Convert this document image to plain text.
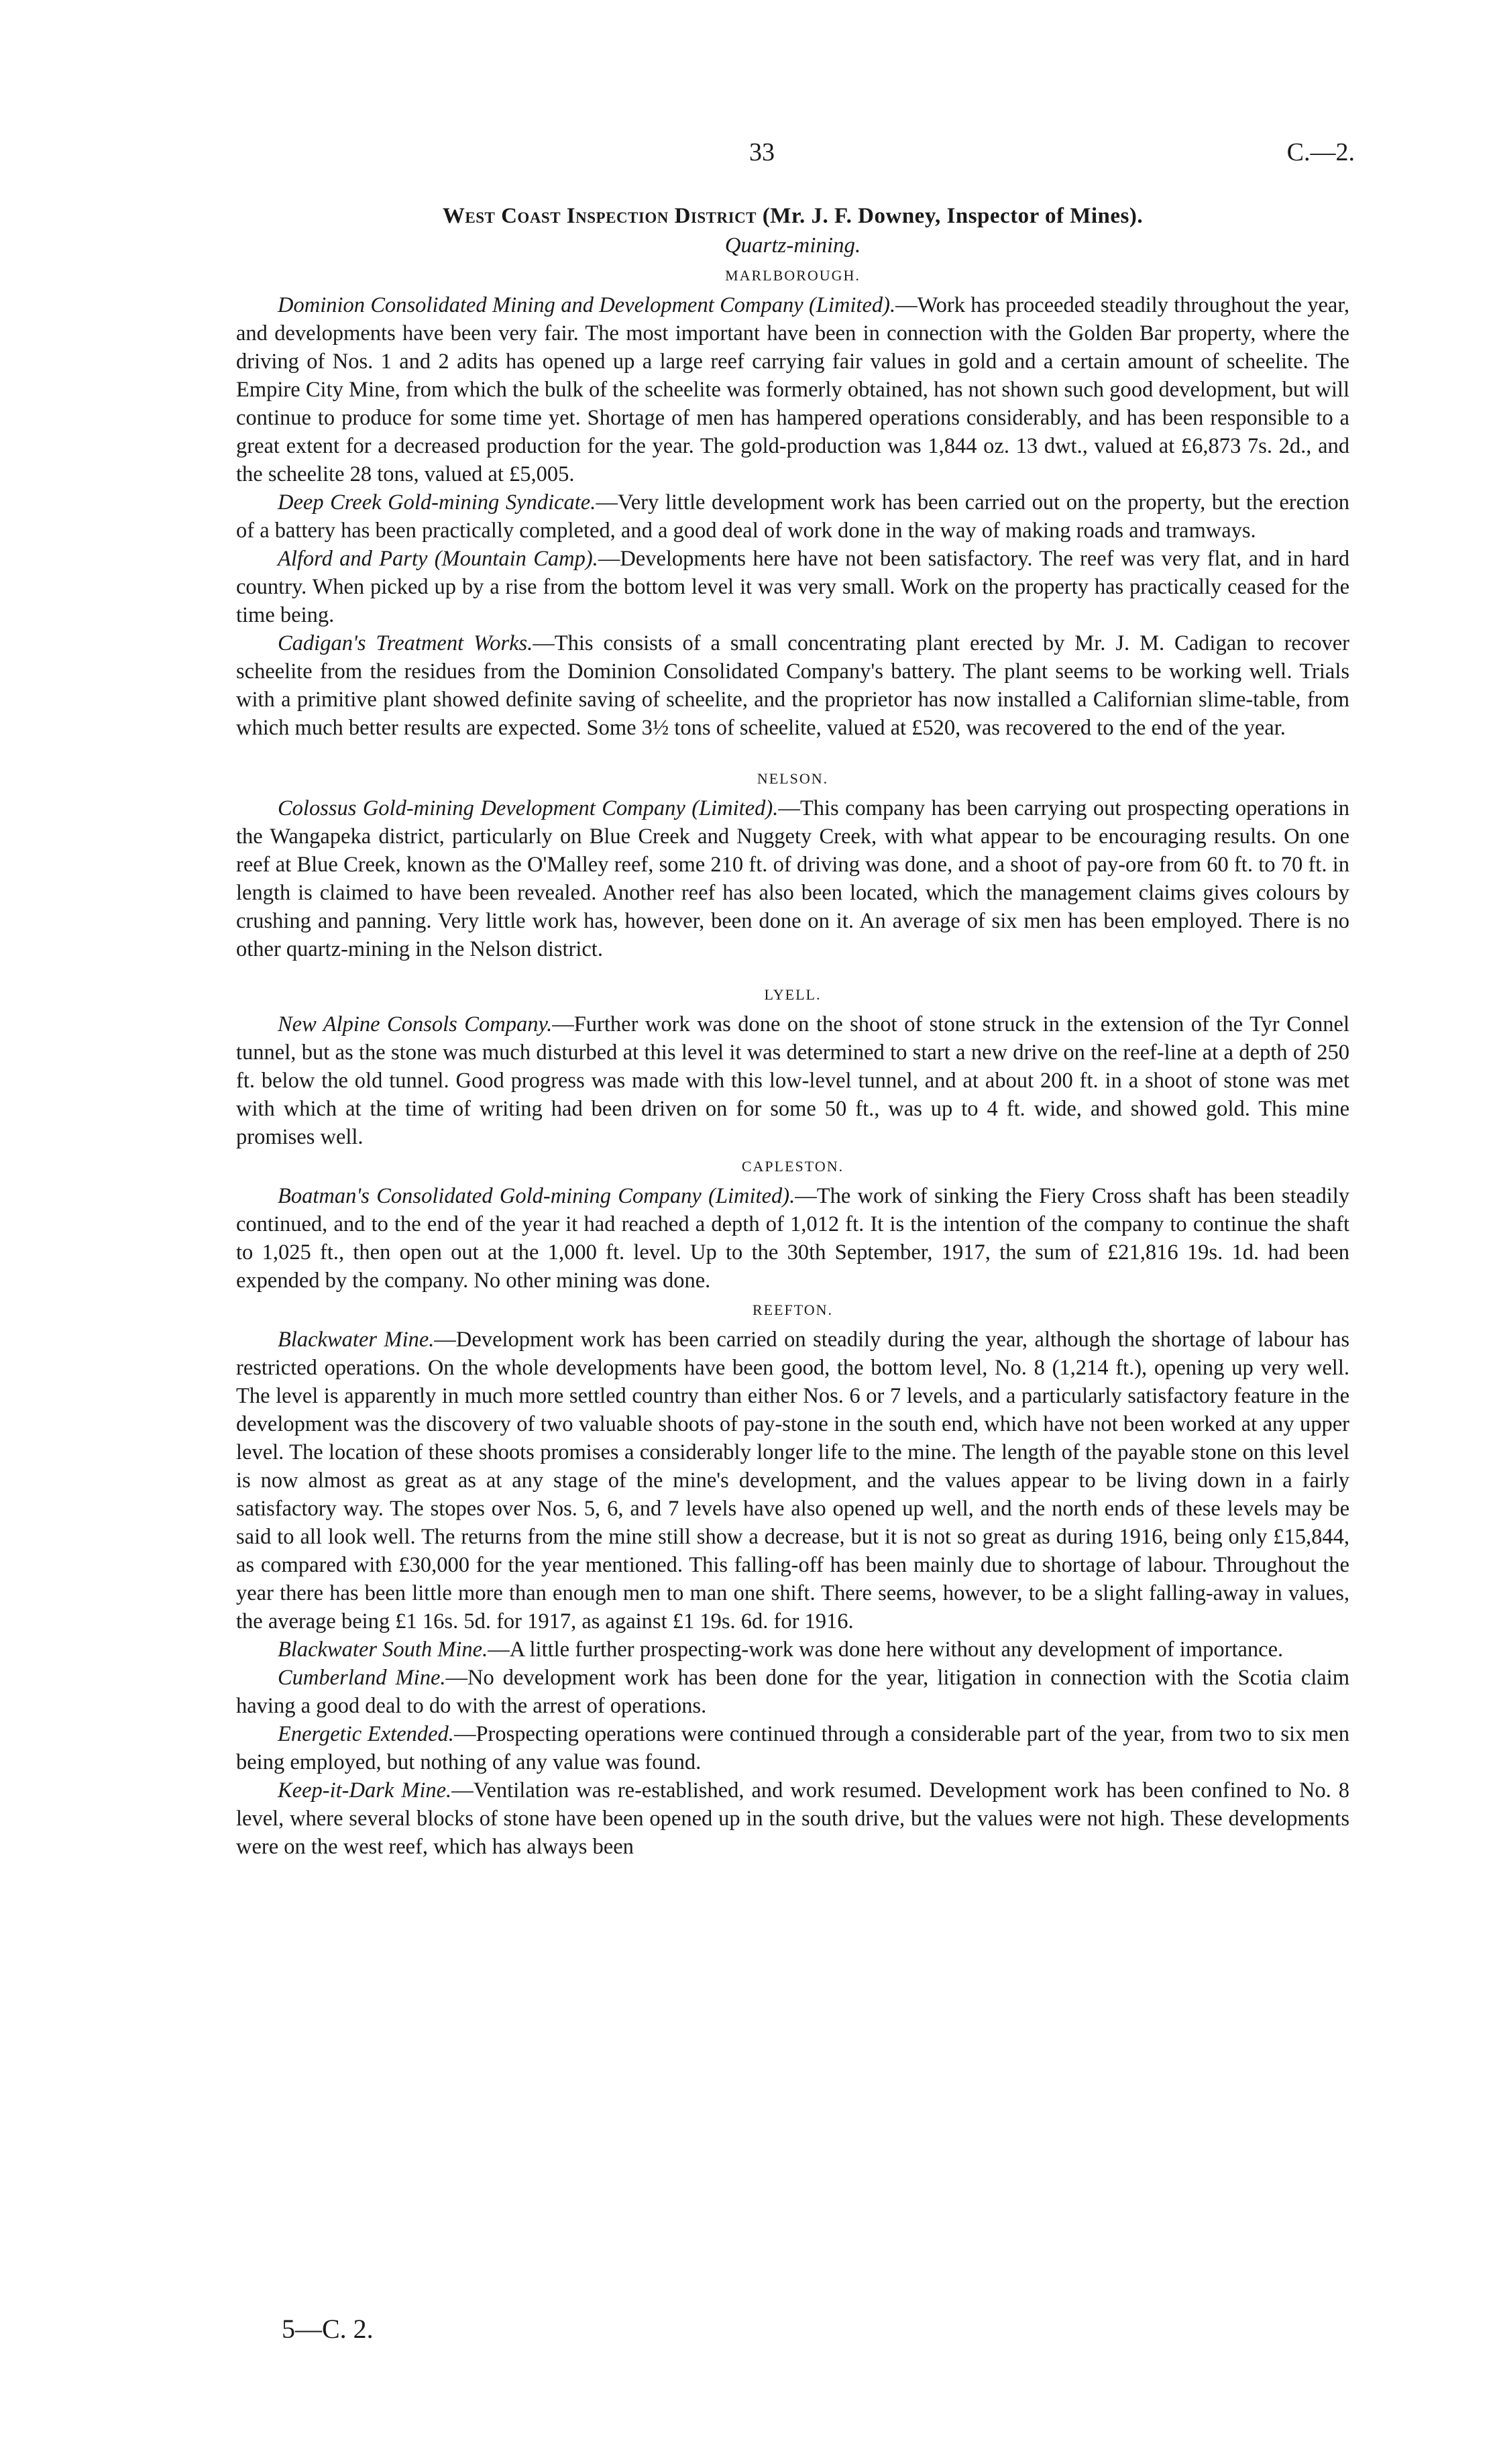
33	C.—2.
West Coast Inspection District (Mr. J. F. Downey, Inspector of Mines).
Quartz-mining.
MARLBOROUGH.

Dominion Consolidated Mining and Development Company (Limited).—Work has proceeded steadily throughout the year, and developments have been very fair. The most important have been in connection with the Golden Bar property, where the driving of Nos. 1 and 2 adits has opened up a large reef carrying fair values in gold and a certain amount of scheelite. The Empire City Mine, from which the bulk of the scheelite was formerly obtained, has not shown such good development, but will continue to produce for some time yet. Shortage of men has hampered operations considerably, and has been responsible to a great extent for a decreased production for the year. The gold-production was 1,844 oz. 13 dwt., valued at £6,873 7s. 2d., and the scheelite 28 tons, valued at £5,005.

Deep Creek Gold-mining Syndicate.—Very little development work has been carried out on the property, but the erection of a battery has been practically completed, and a good deal of work done in the way of making roads and tramways.

Alford and Party (Mountain Camp).—Developments here have not been satisfactory. The reef was very flat, and in hard country. When picked up by a rise from the bottom level it was very small. Work on the property has practically ceased for the time being.

Cadigan's Treatment Works.—This consists of a small concentrating plant erected by Mr. J. M. Cadigan to recover scheelite from the residues from the Dominion Consolidated Company's battery. The plant seems to be working well. Trials with a primitive plant showed definite saving of scheelite, and the proprietor has now installed a Californian slime-table, from which much better results are expected. Some 3½ tons of scheelite, valued at £520, was recovered to the end of the year.

NELSON.

Colossus Gold-mining Development Company (Limited).—This company has been carrying out prospecting operations in the Wangapeka district, particularly on Blue Creek and Nuggety Creek, with what appear to be encouraging results. On one reef at Blue Creek, known as the O'Malley reef, some 210 ft. of driving was done, and a shoot of pay-ore from 60 ft. to 70 ft. in length is claimed to have been revealed. Another reef has also been located, which the management claims gives colours by crushing and panning. Very little work has, however, been done on it. An average of six men has been employed. There is no other quartz-mining in the Nelson district.

LYELL.

New Alpine Consols Company.—Further work was done on the shoot of stone struck in the extension of the Tyr Connel tunnel, but as the stone was much disturbed at this level it was determined to start a new drive on the reef-line at a depth of 250 ft. below the old tunnel. Good progress was made with this low-level tunnel, and at about 200 ft. in a shoot of stone was met with which at the time of writing had been driven on for some 50 ft., was up to 4 ft. wide, and showed gold. This mine promises well.

CAPLESTON.

Boatman's Consolidated Gold-mining Company (Limited).—The work of sinking the Fiery Cross shaft has been steadily continued, and to the end of the year it had reached a depth of 1,012 ft. It is the intention of the company to continue the shaft to 1,025 ft., then open out at the 1,000 ft. level. Up to the 30th September, 1917, the sum of £21,816 19s. 1d. had been expended by the company. No other mining was done.

REEFTON.

Blackwater Mine.—Development work has been carried on steadily during the year, although the shortage of labour has restricted operations. On the whole developments have been good, the bottom level, No. 8 (1,214 ft.), opening up very well. The level is apparently in much more settled country than either Nos. 6 or 7 levels, and a particularly satisfactory feature in the development was the discovery of two valuable shoots of pay-stone in the south end, which have not been worked at any upper level. The location of these shoots promises a considerably longer life to the mine. The length of the payable stone on this level is now almost as great as at any stage of the mine's development, and the values appear to be living down in a fairly satisfactory way. The stopes over Nos. 5, 6, and 7 levels have also opened up well, and the north ends of these levels may be said to all look well. The returns from the mine still show a decrease, but it is not so great as during 1916, being only £15,844, as compared with £30,000 for the year mentioned. This falling-off has been mainly due to shortage of labour. Throughout the year there has been little more than enough men to man one shift. There seems, however, to be a slight falling-away in values, the average being £1 16s. 5d. for 1917, as against £1 19s. 6d. for 1916.

Blackwater South Mine.—A little further prospecting-work was done here without any development of importance.

Cumberland Mine.—No development work has been done for the year, litigation in connection with the Scotia claim having a good deal to do with the arrest of operations.

Energetic Extended.—Prospecting operations were continued through a considerable part of the year, from two to six men being employed, but nothing of any value was found.

Keep-it-Dark Mine.—Ventilation was re-established, and work resumed. Development work has been confined to No. 8 level, where several blocks of stone have been opened up in the south drive, but the values were not high. These developments were on the west reef, which has always been

5—C. 2.
